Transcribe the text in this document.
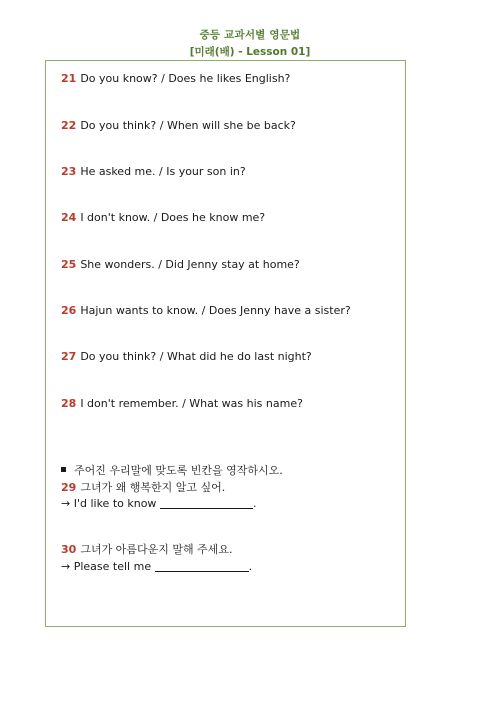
중등 교과서별 영문법
[미래(배) - Lesson 01]
21 Do you know? / Does he likes English?
22 Do you think? / When will she be back?
23 He asked me. / Is your son in?
24 I don't know. / Does he know me?
25 She wonders. / Did Jenny stay at home?
26 Hajun wants to know. / Does Jenny have a sister?
27 Do you think? / What did he do last night?
28 I don't remember. / What was his name?
주어진 우리말에 맞도록 빈칸을 영작하시오.
29 그녀가 왜 행복한지 알고 싶어.
→ I'd like to know	.
30 그녀가 아름다운지 말해 주세요.
→ Please tell me	.
